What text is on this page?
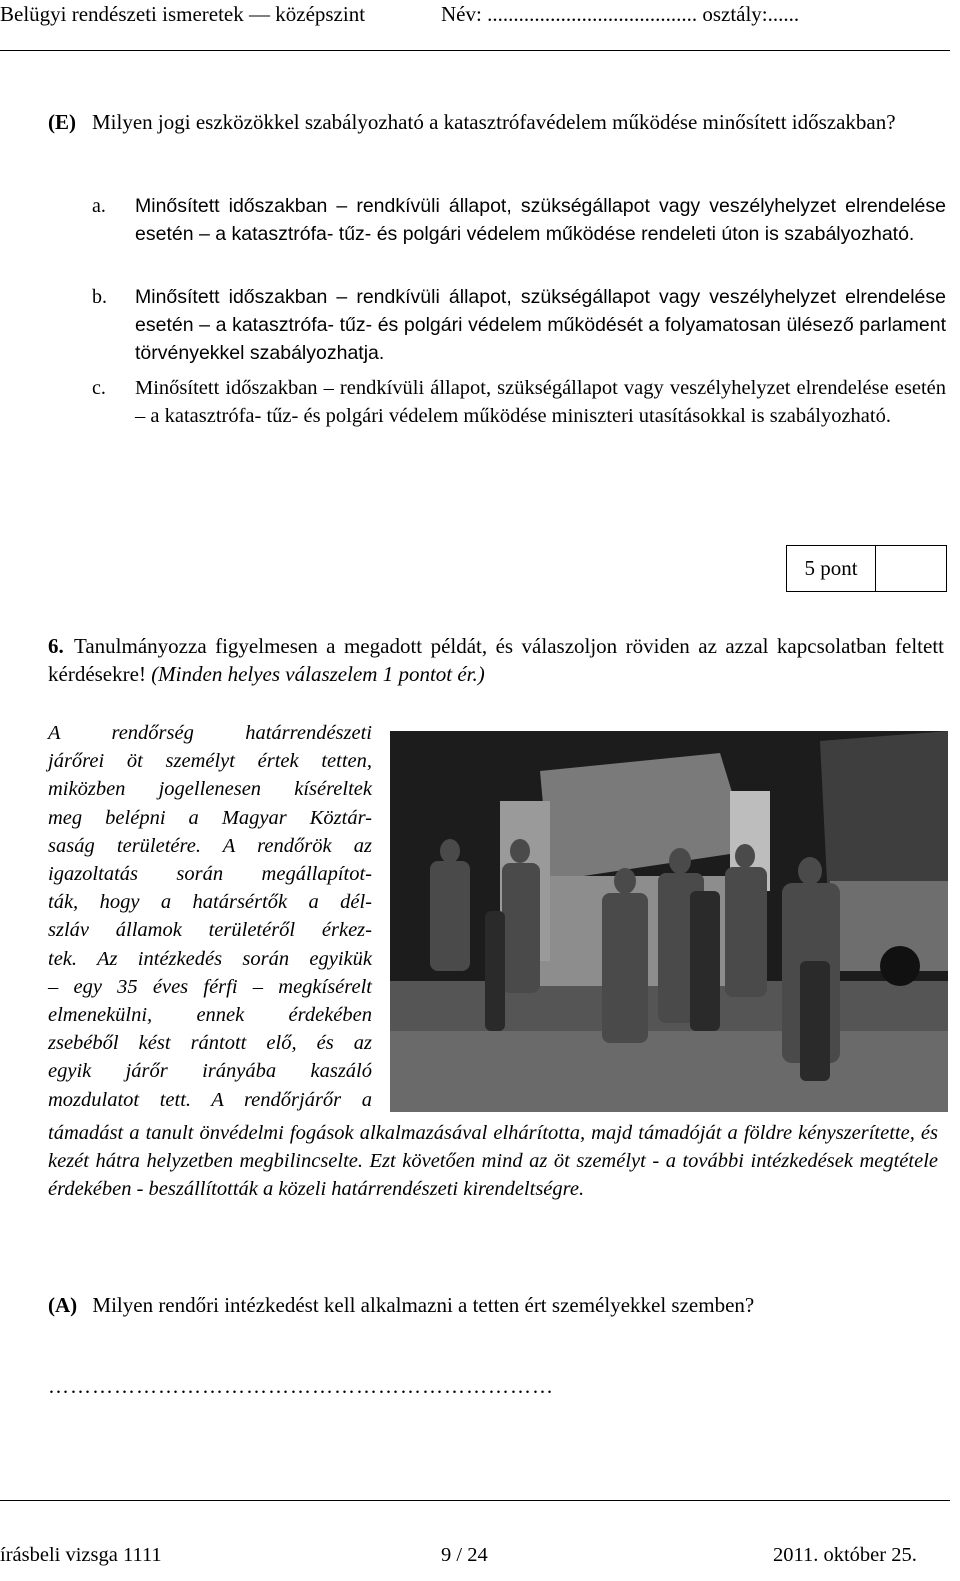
Belügyi rendészeti ismeretek — középszint	Név: ........................................ osztály:......
(E) Milyen jogi eszközökkel szabályozható a katasztrófavédelem működése minősített időszakban?
a. Minősített időszakban – rendkívüli állapot, szükségállapot vagy veszélyhelyzet elrendelése esetén – a katasztrófa- tűz- és polgári védelem működése rendeleti úton is szabályozható.
b. Minősített időszakban – rendkívüli állapot, szükségállapot vagy veszélyhelyzet elrendelése esetén – a katasztrófa- tűz- és polgári védelem működését a folyamatosan ülésező parlament törvényekkel szabályozhatja.
c. Minősített időszakban – rendkívüli állapot, szükségállapot vagy veszélyhelyzet elrendelése esetén – a katasztrófa- tűz- és polgári védelem működése miniszteri utasításokkal is szabályozható.
5 pont
6. Tanulmányozza figyelmesen a megadott példát, és válaszoljon röviden az azzal kapcsolatban feltett kérdésekre! (Minden helyes válaszelem 1 pontot ér.)
A rendőrség határrendészeti
járőrei öt személyt értek tetten,
miközben jogellenesen kíséreltek
meg belépni a Magyar Köztár-
saság területére. A rendőrök az
igazoltatás során megállapítot-
ták, hogy a határsértők a dél-
szláv államok területéről érkez-
tek. Az intézkedés során egyikük
– egy 35 éves férfi – megkísérelt
elmenekülni, ennek érdekében
zsebéből kést rántott elő, és az
egyik járőr irányába kaszáló
mozdulatot tett. A rendőrjárőr a
támadást a tanult önvédelmi fogások alkalmazásával elhárította, majd támadóját a földre kényszerítette, és kezét hátra helyzetben megbilincselte. Ezt követően mind az öt személyt - a további intézkedések megtétele érdekében - beszállították a közeli határrendészeti kirendeltségre.
(A) Milyen rendőri intézkedést kell alkalmazni a tetten ért személyekkel szemben?
……………………………………………………………
írásbeli vizsga 1111	9 / 24	2011. október 25.
